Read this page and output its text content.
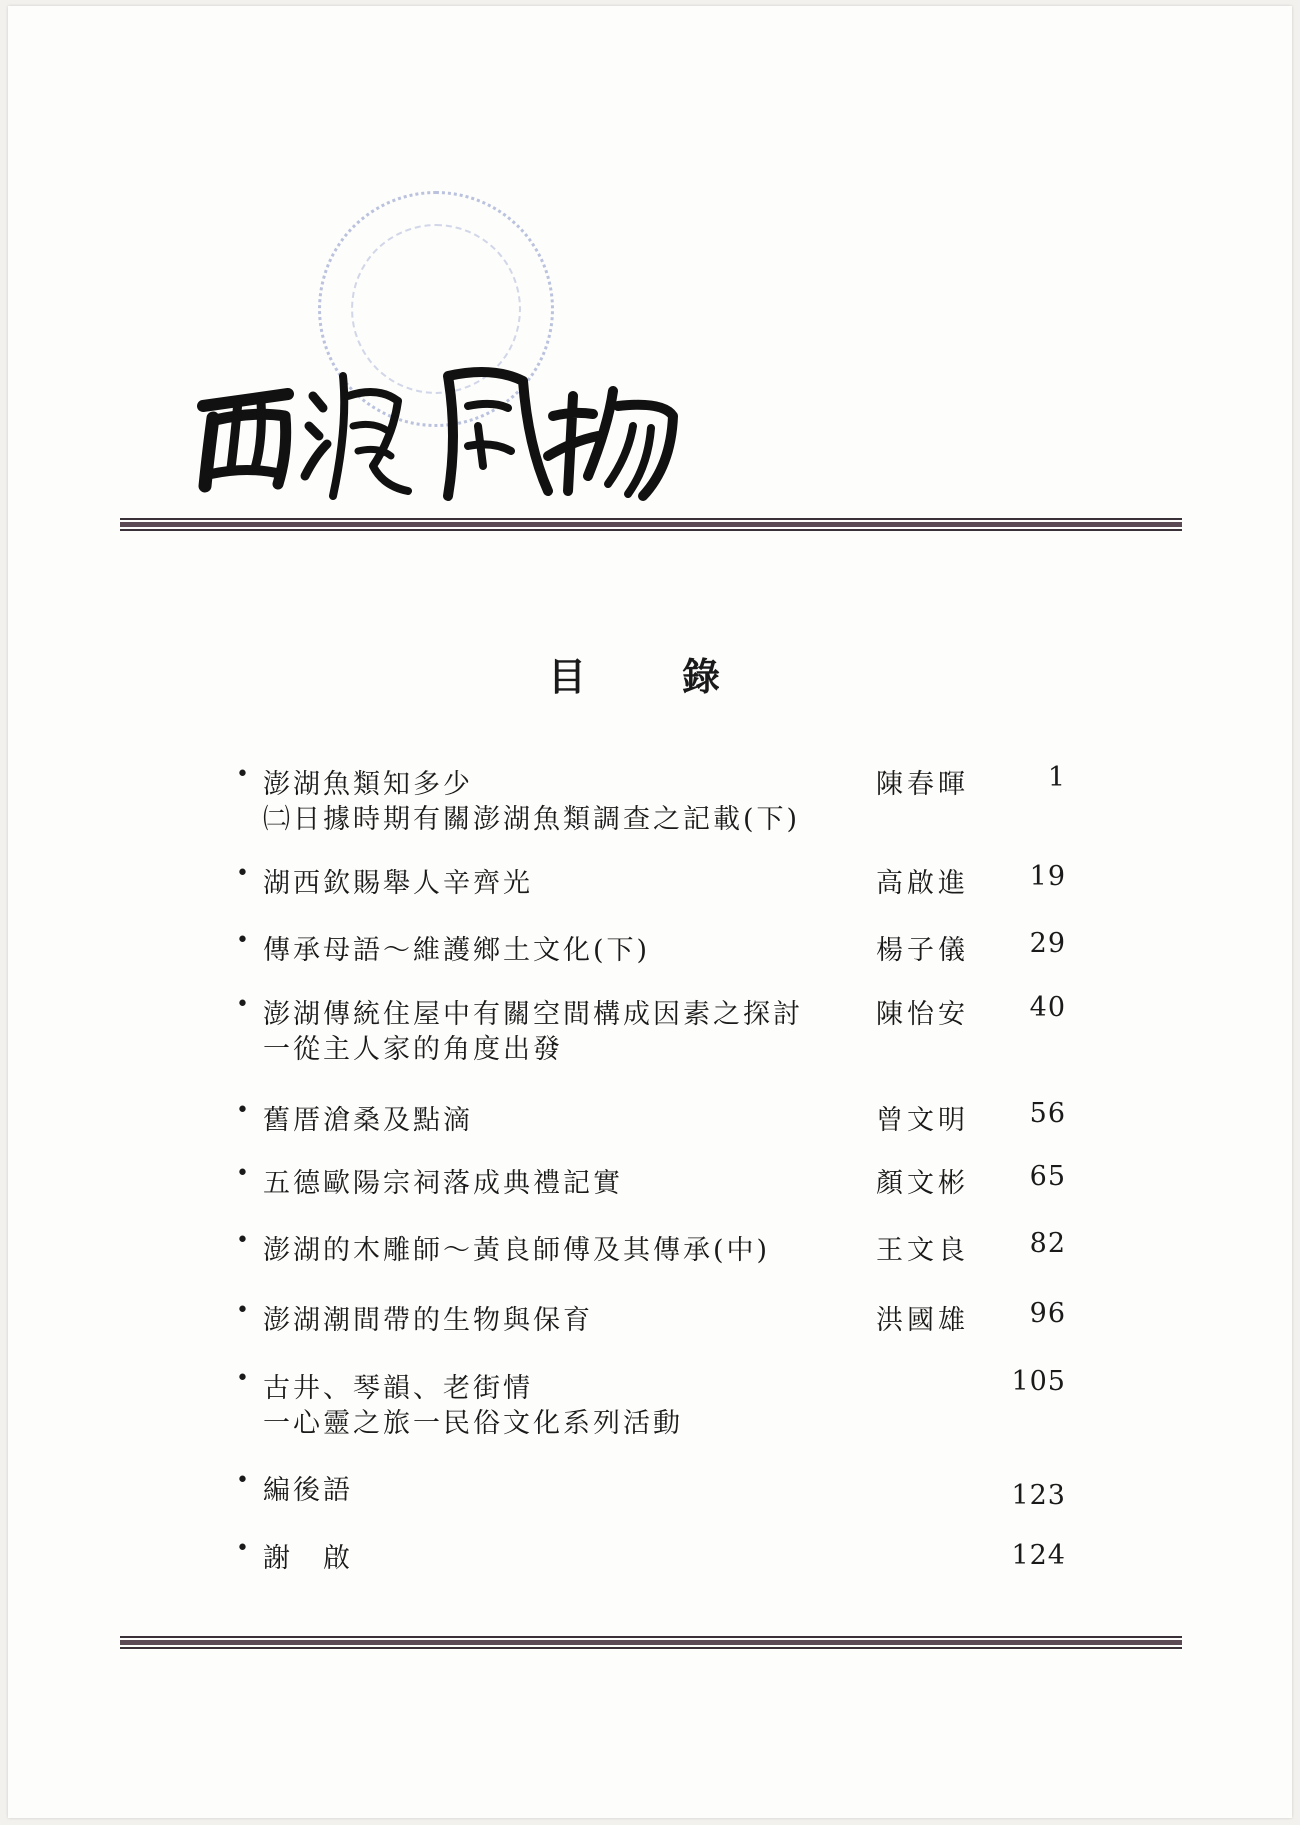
目錄
• 澎湖魚類知多少
㈡日據時期有關澎湖魚類調查之記載(下)
陳春暉	1
• 湖西欽賜舉人辛齊光	高啟進 19
• 傳承母語～維護鄉土文化(下)	楊子儀 29
• 澎湖傳統住屋中有關空間構成因素之探討
一從主人家的角度出發
陳怡安 40
• 舊厝滄桑及點滴	曾文明 56
• 五德歐陽宗祠落成典禮記實	顏文彬 65
• 澎湖的木雕師～黃良師傅及其傳承(中)	王文良 82
• 澎湖潮間帶的生物與保育	洪國雄 96
• 古井、琴韻、老街情
一心靈之旅一民俗文化系列活動
105
• 編後語	123
• 謝　啟	124
